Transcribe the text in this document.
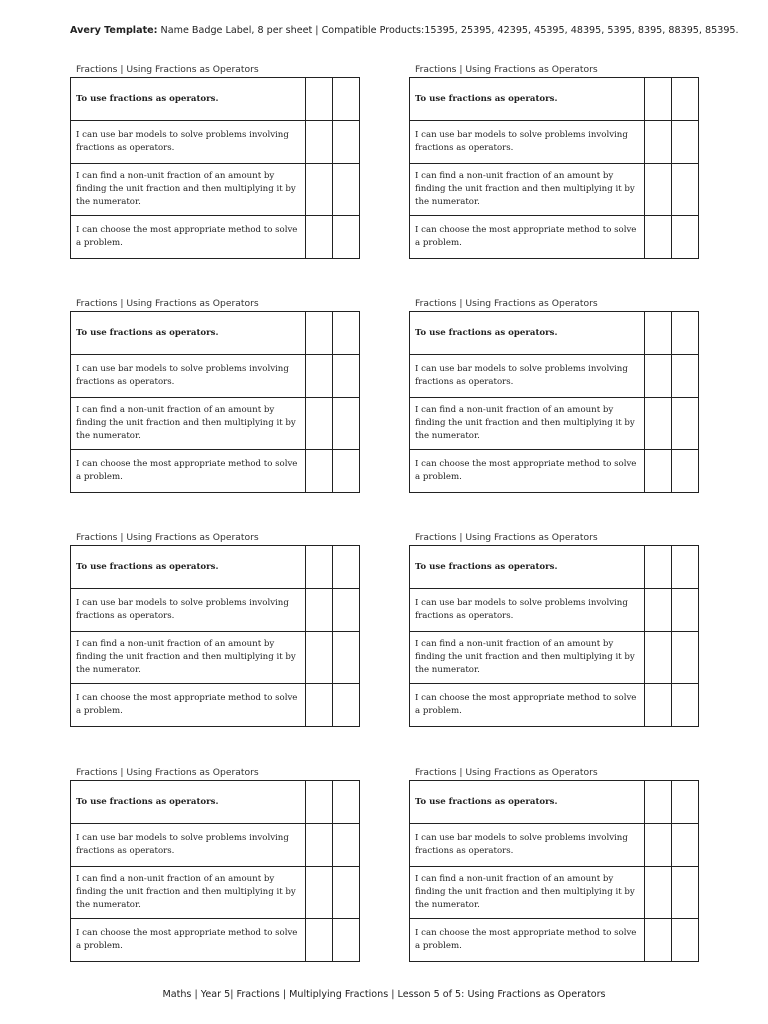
Avery Template: Name Badge Label, 8 per sheet | Compatible Products:15395, 25395, 42395, 45395, 48395, 5395, 8395, 88395, 85395.
Fractions | Using Fractions as Operators
To use fractions as operators.		
I can use bar models to solve problems involving fractions as operators.		
I can find a non-unit fraction of an amount by finding the unit fraction and then multiplying it by the numerator.		
I can choose the most appropriate method to solve a problem.		
Fractions | Using Fractions as Operators
To use fractions as operators.		
I can use bar models to solve problems involving fractions as operators.		
I can find a non-unit fraction of an amount by finding the unit fraction and then multiplying it by the numerator.		
I can choose the most appropriate method to solve a problem.		
Fractions | Using Fractions as Operators
To use fractions as operators.		
I can use bar models to solve problems involving fractions as operators.		
I can find a non-unit fraction of an amount by finding the unit fraction and then multiplying it by the numerator.		
I can choose the most appropriate method to solve a problem.		
Fractions | Using Fractions as Operators
To use fractions as operators.		
I can use bar models to solve problems involving fractions as operators.		
I can find a non-unit fraction of an amount by finding the unit fraction and then multiplying it by the numerator.		
I can choose the most appropriate method to solve a problem.		
Fractions | Using Fractions as Operators
To use fractions as operators.		
I can use bar models to solve problems involving fractions as operators.		
I can find a non-unit fraction of an amount by finding the unit fraction and then multiplying it by the numerator.		
I can choose the most appropriate method to solve a problem.		
Fractions | Using Fractions as Operators
To use fractions as operators.		
I can use bar models to solve problems involving fractions as operators.		
I can find a non-unit fraction of an amount by finding the unit fraction and then multiplying it by the numerator.		
I can choose the most appropriate method to solve a problem.		
Fractions | Using Fractions as Operators
To use fractions as operators.		
I can use bar models to solve problems involving fractions as operators.		
I can find a non-unit fraction of an amount by finding the unit fraction and then multiplying it by the numerator.		
I can choose the most appropriate method to solve a problem.		
Fractions | Using Fractions as Operators
To use fractions as operators.		
I can use bar models to solve problems involving fractions as operators.		
I can find a non-unit fraction of an amount by finding the unit fraction and then multiplying it by the numerator.		
I can choose the most appropriate method to solve a problem.		
Maths | Year 5| Fractions | Multiplying Fractions | Lesson 5 of 5: Using Fractions as Operators
